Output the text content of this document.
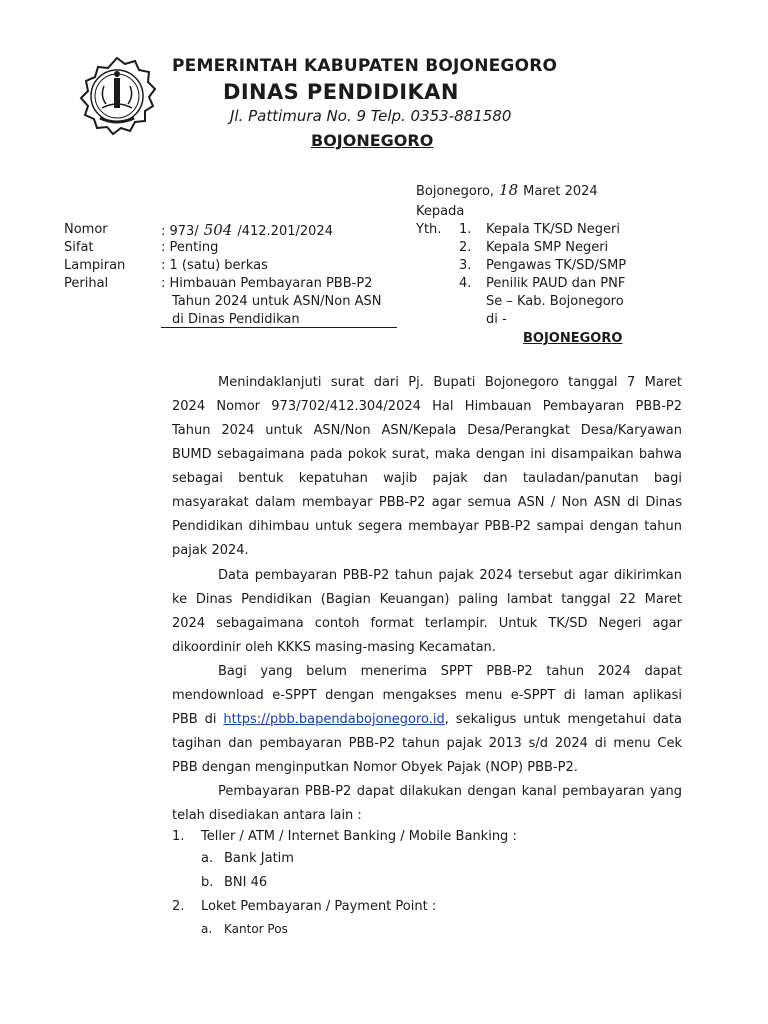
PEMERINTAH KABUPATEN BOJONEGORO
DINAS PENDIDIKAN
Jl. Pattimura No. 9 Telp. 0353-881580
BOJONEGORO
Bojonegoro, 18 Maret 2024
Kepada
Nomor	: 973/ 504 /412.201/2024
Sifat	: Penting
Lampiran	: 1 (satu) berkas
Perihal	: Himbauan Pembayaran PBB-P2
Tahun 2024 untuk ASN/Non ASN
di Dinas Pendidikan
Yth. 1. Kepala TK/SD Negeri
2. Kepala SMP Negeri
3. Pengawas TK/SD/SMP
4. Penilik PAUD dan PNF
Se – Kab. Bojonegoro
di -
BOJONEGORO
Menindaklanjuti surat dari Pj. Bupati Bojonegoro tanggal 7 Maret
2024 Nomor 973/702/412.304/2024 Hal Himbauan Pembayaran PBB-P2
Tahun 2024 untuk ASN/Non ASN/Kepala Desa/Perangkat Desa/Karyawan
BUMD sebagaimana pada pokok surat, maka dengan ini disampaikan bahwa
sebagai bentuk kepatuhan wajib pajak dan tauladan/panutan bagi
masyarakat dalam membayar PBB-P2 agar semua ASN / Non ASN di Dinas
Pendidikan dihimbau untuk segera membayar PBB-P2 sampai dengan tahun
pajak 2024.
Data pembayaran PBB-P2 tahun pajak 2024 tersebut agar dikirimkan
ke Dinas Pendidikan (Bagian Keuangan) paling lambat tanggal 22 Maret
2024 sebagaimana contoh format terlampir. Untuk TK/SD Negeri agar
dikoordinir oleh KKKS masing-masing Kecamatan.
Bagi yang belum menerima SPPT PBB-P2 tahun 2024 dapat
mendownload e-SPPT dengan mengakses menu e-SPPT di laman aplikasi
PBB di https://pbb.bapendabojonegoro.id, sekaligus untuk mengetahui data
tagihan dan pembayaran PBB-P2 tahun pajak 2013 s/d 2024 di menu Cek
PBB dengan menginputkan Nomor Obyek Pajak (NOP) PBB-P2.
Pembayaran PBB-P2 dapat dilakukan dengan kanal pembayaran yang
telah disediakan antara lain :
1. Teller / ATM / Internet Banking / Mobile Banking :
a. Bank Jatim
b. BNI 46
2. Loket Pembayaran / Payment Point :
a. Kantor Pos
